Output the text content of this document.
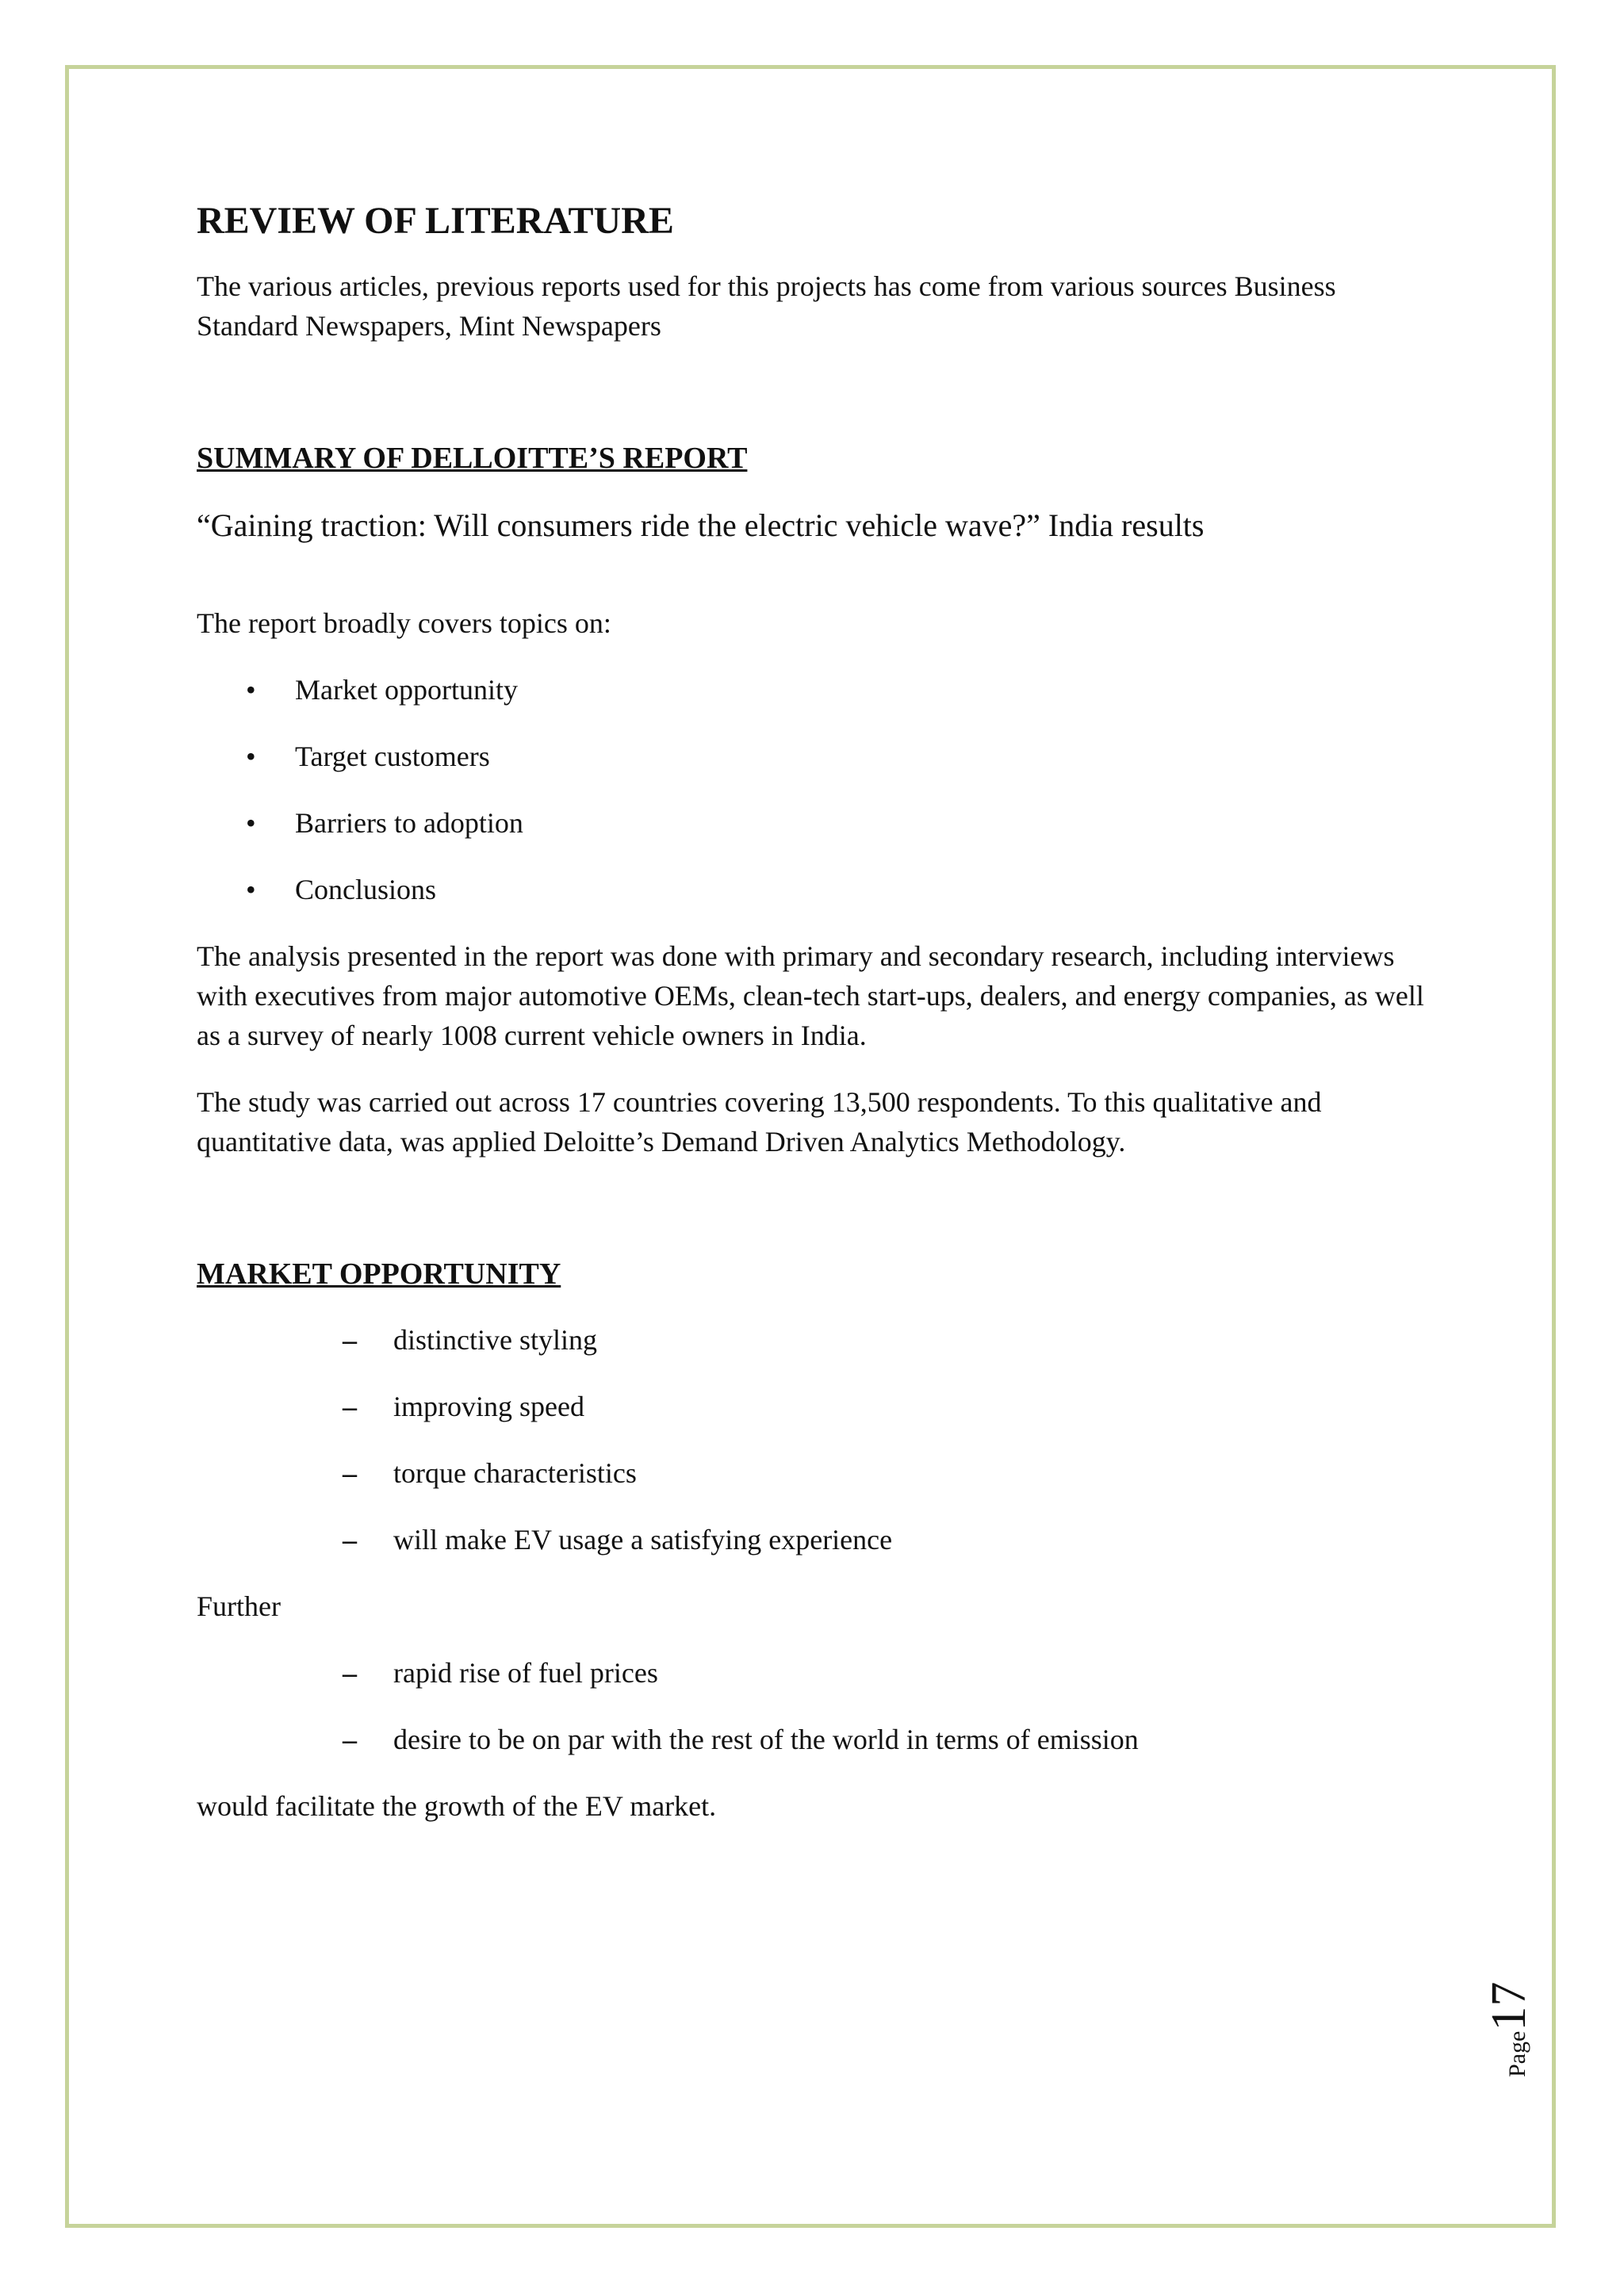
REVIEW OF LITERATURE

The various articles, previous reports used for this projects has come from various sources Business Standard Newspapers, Mint Newspapers

SUMMARY OF DELLOITTE’S REPORT
“Gaining traction: Will consumers ride the electric vehicle wave?” India results

The report broadly covers topics on:

• Market opportunity
• Target customers
• Barriers to adoption
• Conclusions

The analysis presented in the report was done with primary and secondary research, including interviews with executives from major automotive OEMs, clean-tech start-ups, dealers, and energy companies, as well as a survey of nearly 1008 current vehicle owners in India.

The study was carried out across 17 countries covering 13,500 respondents. To this qualitative and quantitative data, was applied Deloitte’s Demand Driven Analytics Methodology.

MARKET OPPORTUNITY
– distinctive styling
– improving speed
– torque characteristics
– will make EV usage a satisfying experience

Further

– rapid rise of fuel prices
– desire to be on par with the rest of the world in terms of emission

would facilitate the growth of the EV market.

Page17
